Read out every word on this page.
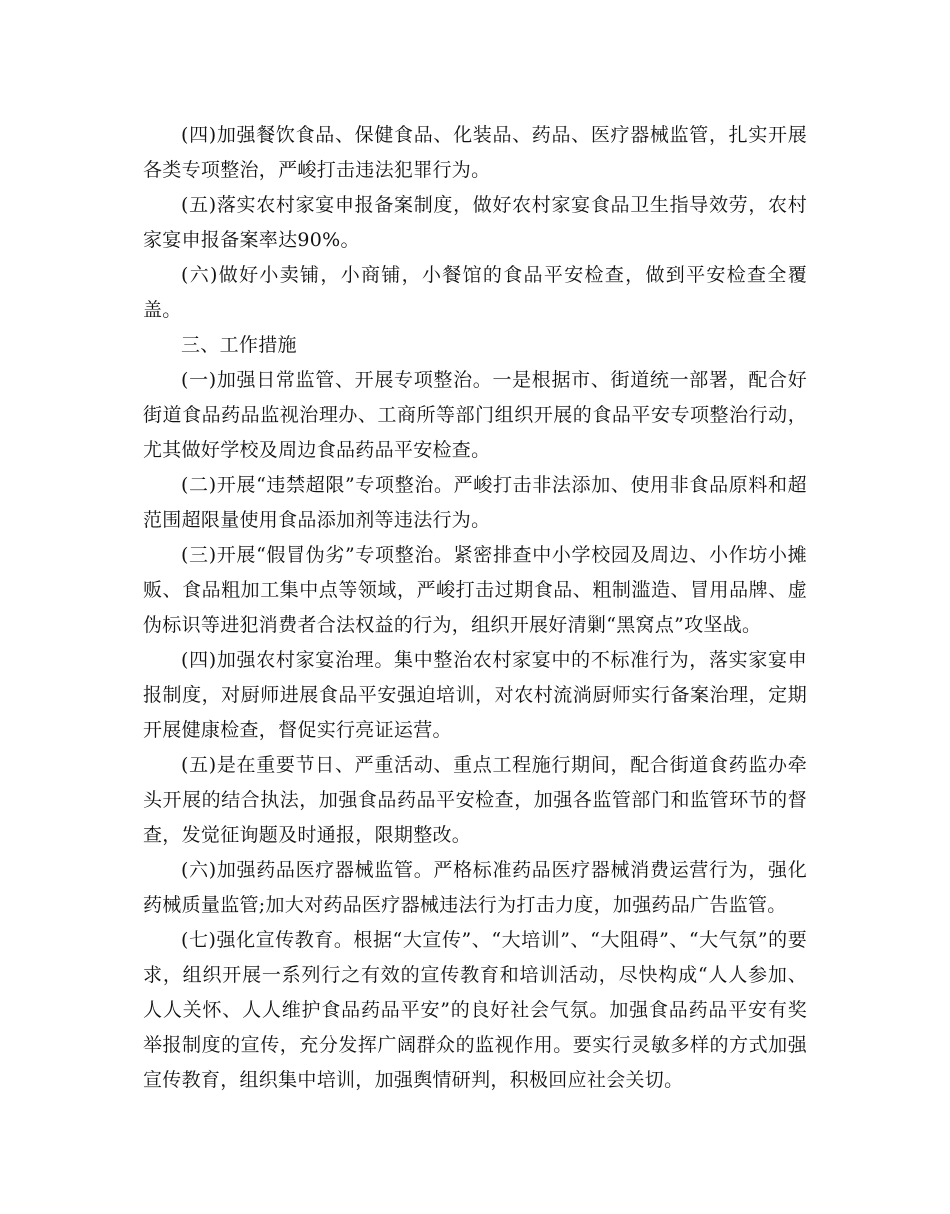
(四)加强餐饮食品、保健食品、化装品、药品、医疗器械监管，扎实开展各类专项整治，严峻打击违法犯罪行为。

(五)落实农村家宴申报备案制度，做好农村家宴食品卫生指导效劳，农村家宴申报备案率达90%。

(六)做好小卖铺，小商铺，小餐馆的食品平安检查，做到平安检查全覆盖。

三、工作措施

(一)加强日常监管、开展专项整治。一是根据市、街道统一部署，配合好街道食品药品监视治理办、工商所等部门组织开展的食品平安专项整治行动，尤其做好学校及周边食品药品平安检查。

(二)开展“违禁超限”专项整治。严峻打击非法添加、使用非食品原料和超范围超限量使用食品添加剂等违法行为。

(三)开展“假冒伪劣”专项整治。紧密排查中小学校园及周边、小作坊小摊贩、食品粗加工集中点等领域，严峻打击过期食品、粗制滥造、冒用品牌、虚伪标识等进犯消费者合法权益的行为，组织开展好清剿“黑窝点”攻坚战。

(四)加强农村家宴治理。集中整治农村家宴中的不标准行为，落实家宴申报制度，对厨师进展食品平安强迫培训，对农村流淌厨师实行备案治理，定期开展健康检查，督促实行亮证运营。

(五)是在重要节日、严重活动、重点工程施行期间，配合街道食药监办牵头开展的结合执法，加强食品药品平安检查，加强各监管部门和监管环节的督查，发觉征询题及时通报，限期整改。

(六)加强药品医疗器械监管。严格标准药品医疗器械消费运营行为，强化药械质量监管;加大对药品医疗器械违法行为打击力度，加强药品广告监管。

(七)强化宣传教育。根据“大宣传”、“大培训”、“大阻碍”、“大气氛”的要求，组织开展一系列行之有效的宣传教育和培训活动，尽快构成“人人参加、人人关怀、人人维护食品药品平安”的良好社会气氛。加强食品药品平安有奖举报制度的宣传，充分发挥广阔群众的监视作用。要实行灵敏多样的方式加强宣传教育，组织集中培训，加强舆情研判，积极回应社会关切。
